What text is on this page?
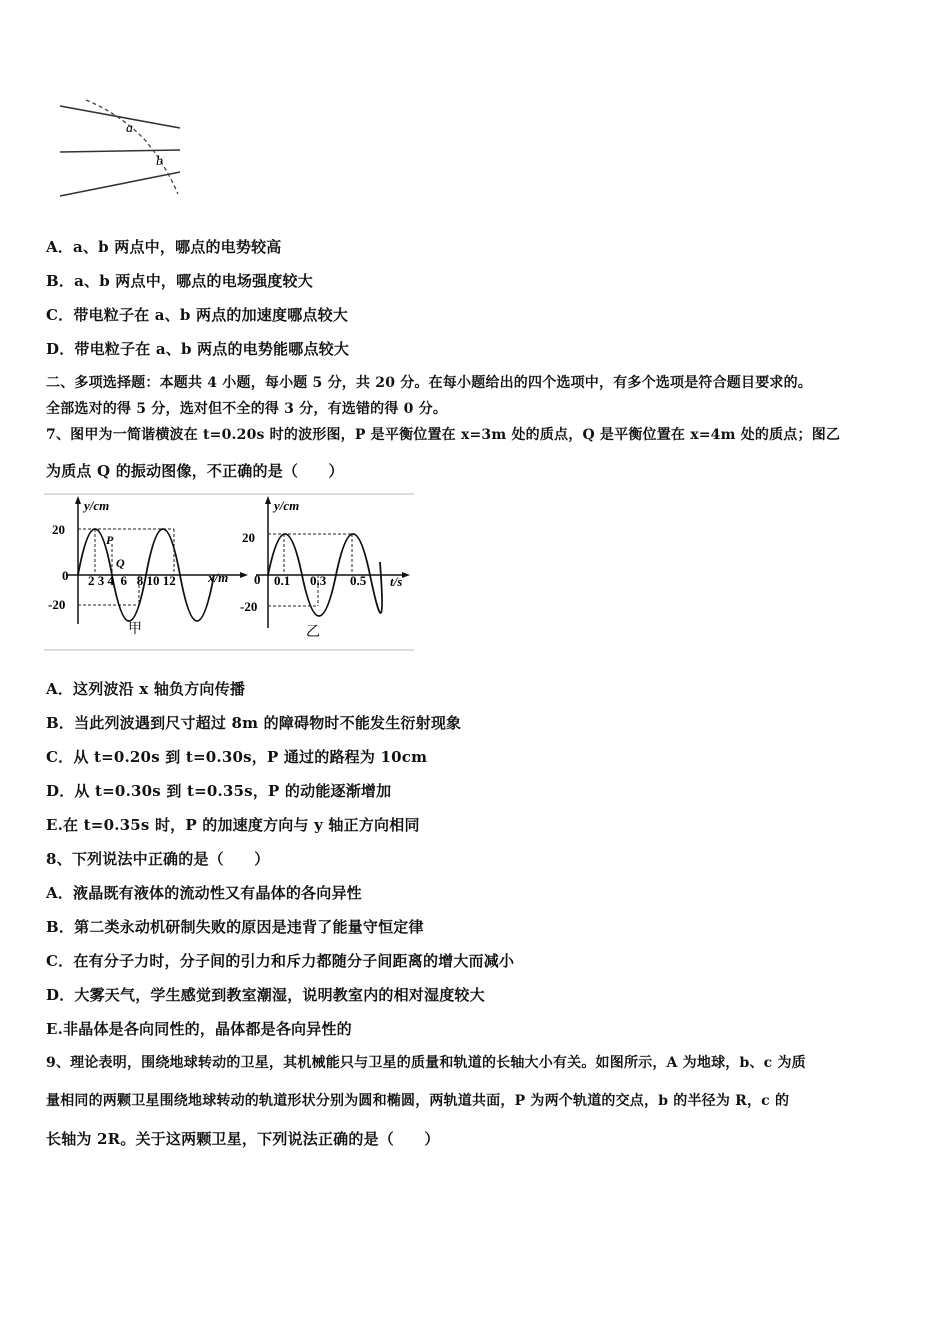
a
b
A．a、b 两点中，哪点的电势较高
B．a、b 两点中，哪点的电场强度较大
C．带电粒子在 a、b 两点的加速度哪点较大
D．带电粒子在 a、b 两点的电势能哪点较大
二、多项选择题：本题共 4 小题，每小题 5 分，共 20 分。在每小题给出的四个选项中，有多个选项是符合题目要求的。
全部选对的得 5 分，选对但不全的得 3 分，有选错的得 0 分。
7、图甲为一简谐横波在 t=0.20s 时的波形图，P 是平衡位置在 x=3m 处的质点，Q 是平衡位置在 x=4m 处的质点；图乙
为质点 Q 的振动图像，不正确的是（　　）
y/cm
x/m
20
0
-20
P
Q
2 3 4  6   8 10 12
甲
y/cm
t/s
20
0
-20
0.1 0.3 0.5
乙
A．这列波沿 x 轴负方向传播
B．当此列波遇到尺寸超过 8m 的障碍物时不能发生衍射现象
C．从 t=0.20s 到 t=0.30s，P 通过的路程为 10cm
D．从 t=0.30s 到 t=0.35s，P 的动能逐渐增加
E.在 t=0.35s 时，P 的加速度方向与 y 轴正方向相同
8、下列说法中正确的是（　　）
A．液晶既有液体的流动性又有晶体的各向异性
B．第二类永动机研制失败的原因是违背了能量守恒定律
C．在有分子力时，分子间的引力和斥力都随分子间距离的增大而减小
D．大雾天气，学生感觉到教室潮湿，说明教室内的相对湿度较大
E.非晶体是各向同性的，晶体都是各向异性的
9、理论表明，围绕地球转动的卫星，其机械能只与卫星的质量和轨道的长轴大小有关。如图所示，A 为地球，b、c 为质
量相同的两颗卫星围绕地球转动的轨道形状分别为圆和椭圆，两轨道共面，P 为两个轨道的交点，b 的半径为 R，c 的
长轴为 2R。关于这两颗卫星，下列说法正确的是（　　）
